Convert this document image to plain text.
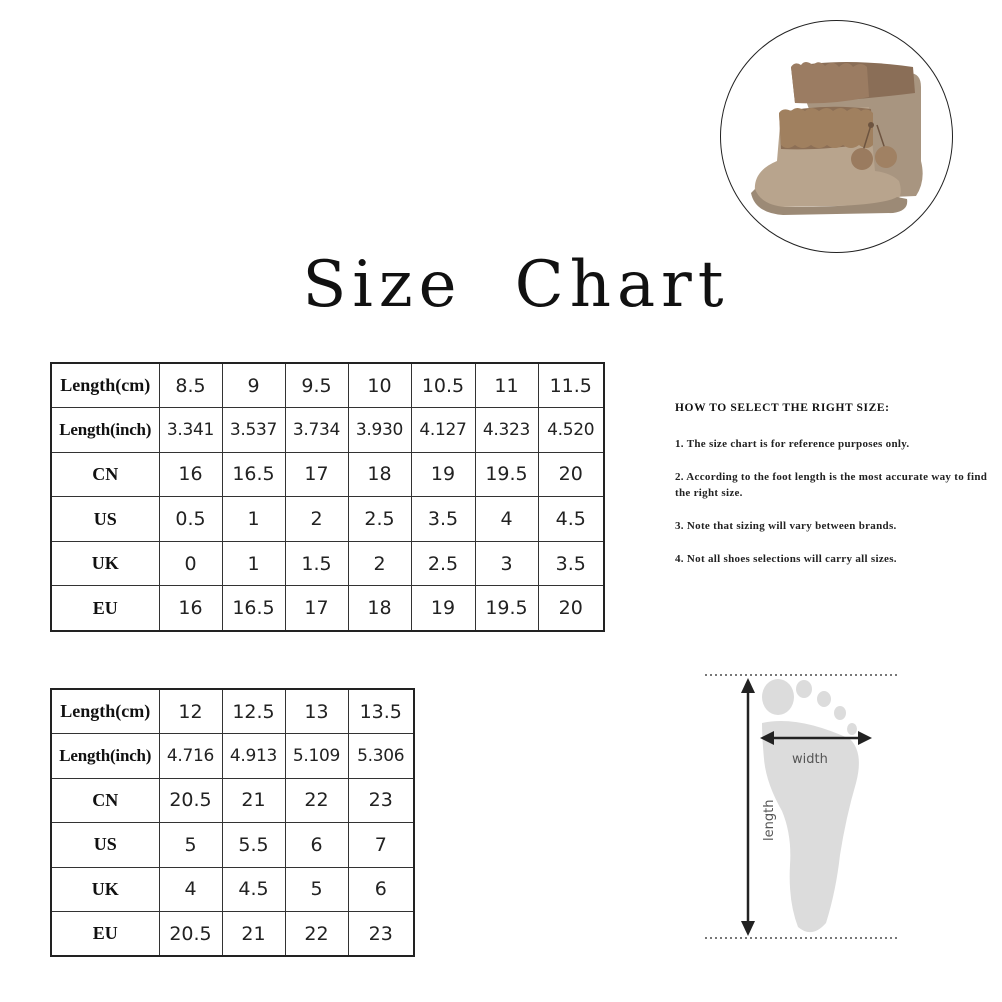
Size Chart
Length(cm)	8.5	9	9.5	10	10.5	11	11.5
Length(inch)	3.341	3.537	3.734	3.930	4.127	4.323	4.520
CN	16	16.5	17	18	19	19.5	20
US	0.5	1	2	2.5	3.5	4	4.5
UK	0	1	1.5	2	2.5	3	3.5
EU	16	16.5	17	18	19	19.5	20
Length(cm)	12	12.5	13	13.5
Length(inch)	4.716	4.913	5.109	5.306
CN	20.5	21	22	23
US	5	5.5	6	7
UK	4	4.5	5	6
EU	20.5	21	22	23

HOW TO SELECT THE RIGHT SIZE:

1. The size chart is for reference purposes only.

2. According to the foot length is the most accurate way to find the right size.

3. Note that sizing will vary between brands.

4. Not all shoes selections will carry all sizes.

width
length
